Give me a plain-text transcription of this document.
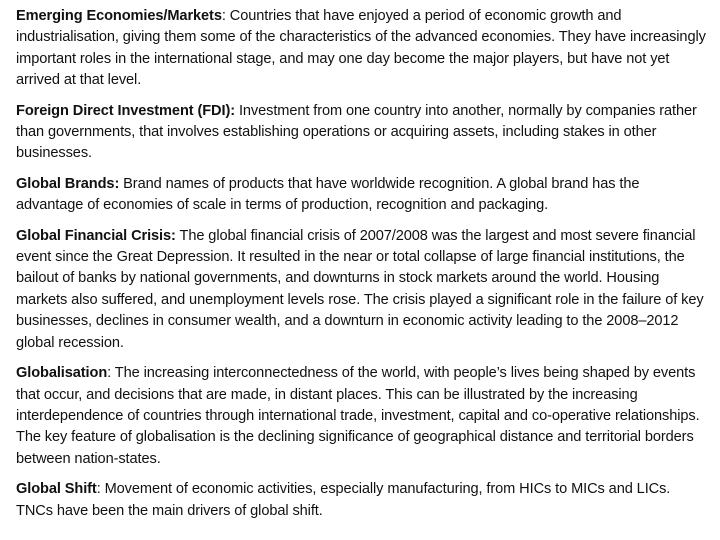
Emerging Economies/Markets: Countries that have enjoyed a period of economic growth and industrialisation, giving them some of the characteristics of the advanced economies. They have increasingly important roles in the international stage, and may one day become the major players, but have not yet arrived at that level.

Foreign Direct Investment (FDI): Investment from one country into another, normally by companies rather than governments, that involves establishing operations or acquiring assets, including stakes in other businesses.

Global Brands: Brand names of products that have worldwide recognition. A global brand has the advantage of economies of scale in terms of production, recognition and packaging.

Global Financial Crisis: The global financial crisis of 2007/2008 was the largest and most severe financial event since the Great Depression. It resulted in the near or total collapse of large financial institutions, the bailout of banks by national governments, and downturns in stock markets around the world. Housing markets also suffered, and unemployment levels rose. The crisis played a significant role in the failure of key businesses, declines in consumer wealth, and a downturn in economic activity leading to the 2008–2012 global recession.

Globalisation: The increasing interconnectedness of the world, with people’s lives being shaped by events that occur, and decisions that are made, in distant places. This can be illustrated by the increasing interdependence of countries through international trade, investment, capital and co-operative relationships. The key feature of globalisation is the declining significance of geographical distance and territorial borders between nation-states.

Global Shift: Movement of economic activities, especially manufacturing, from HICs to MICs and LICs. TNCs have been the main drivers of global shift.
